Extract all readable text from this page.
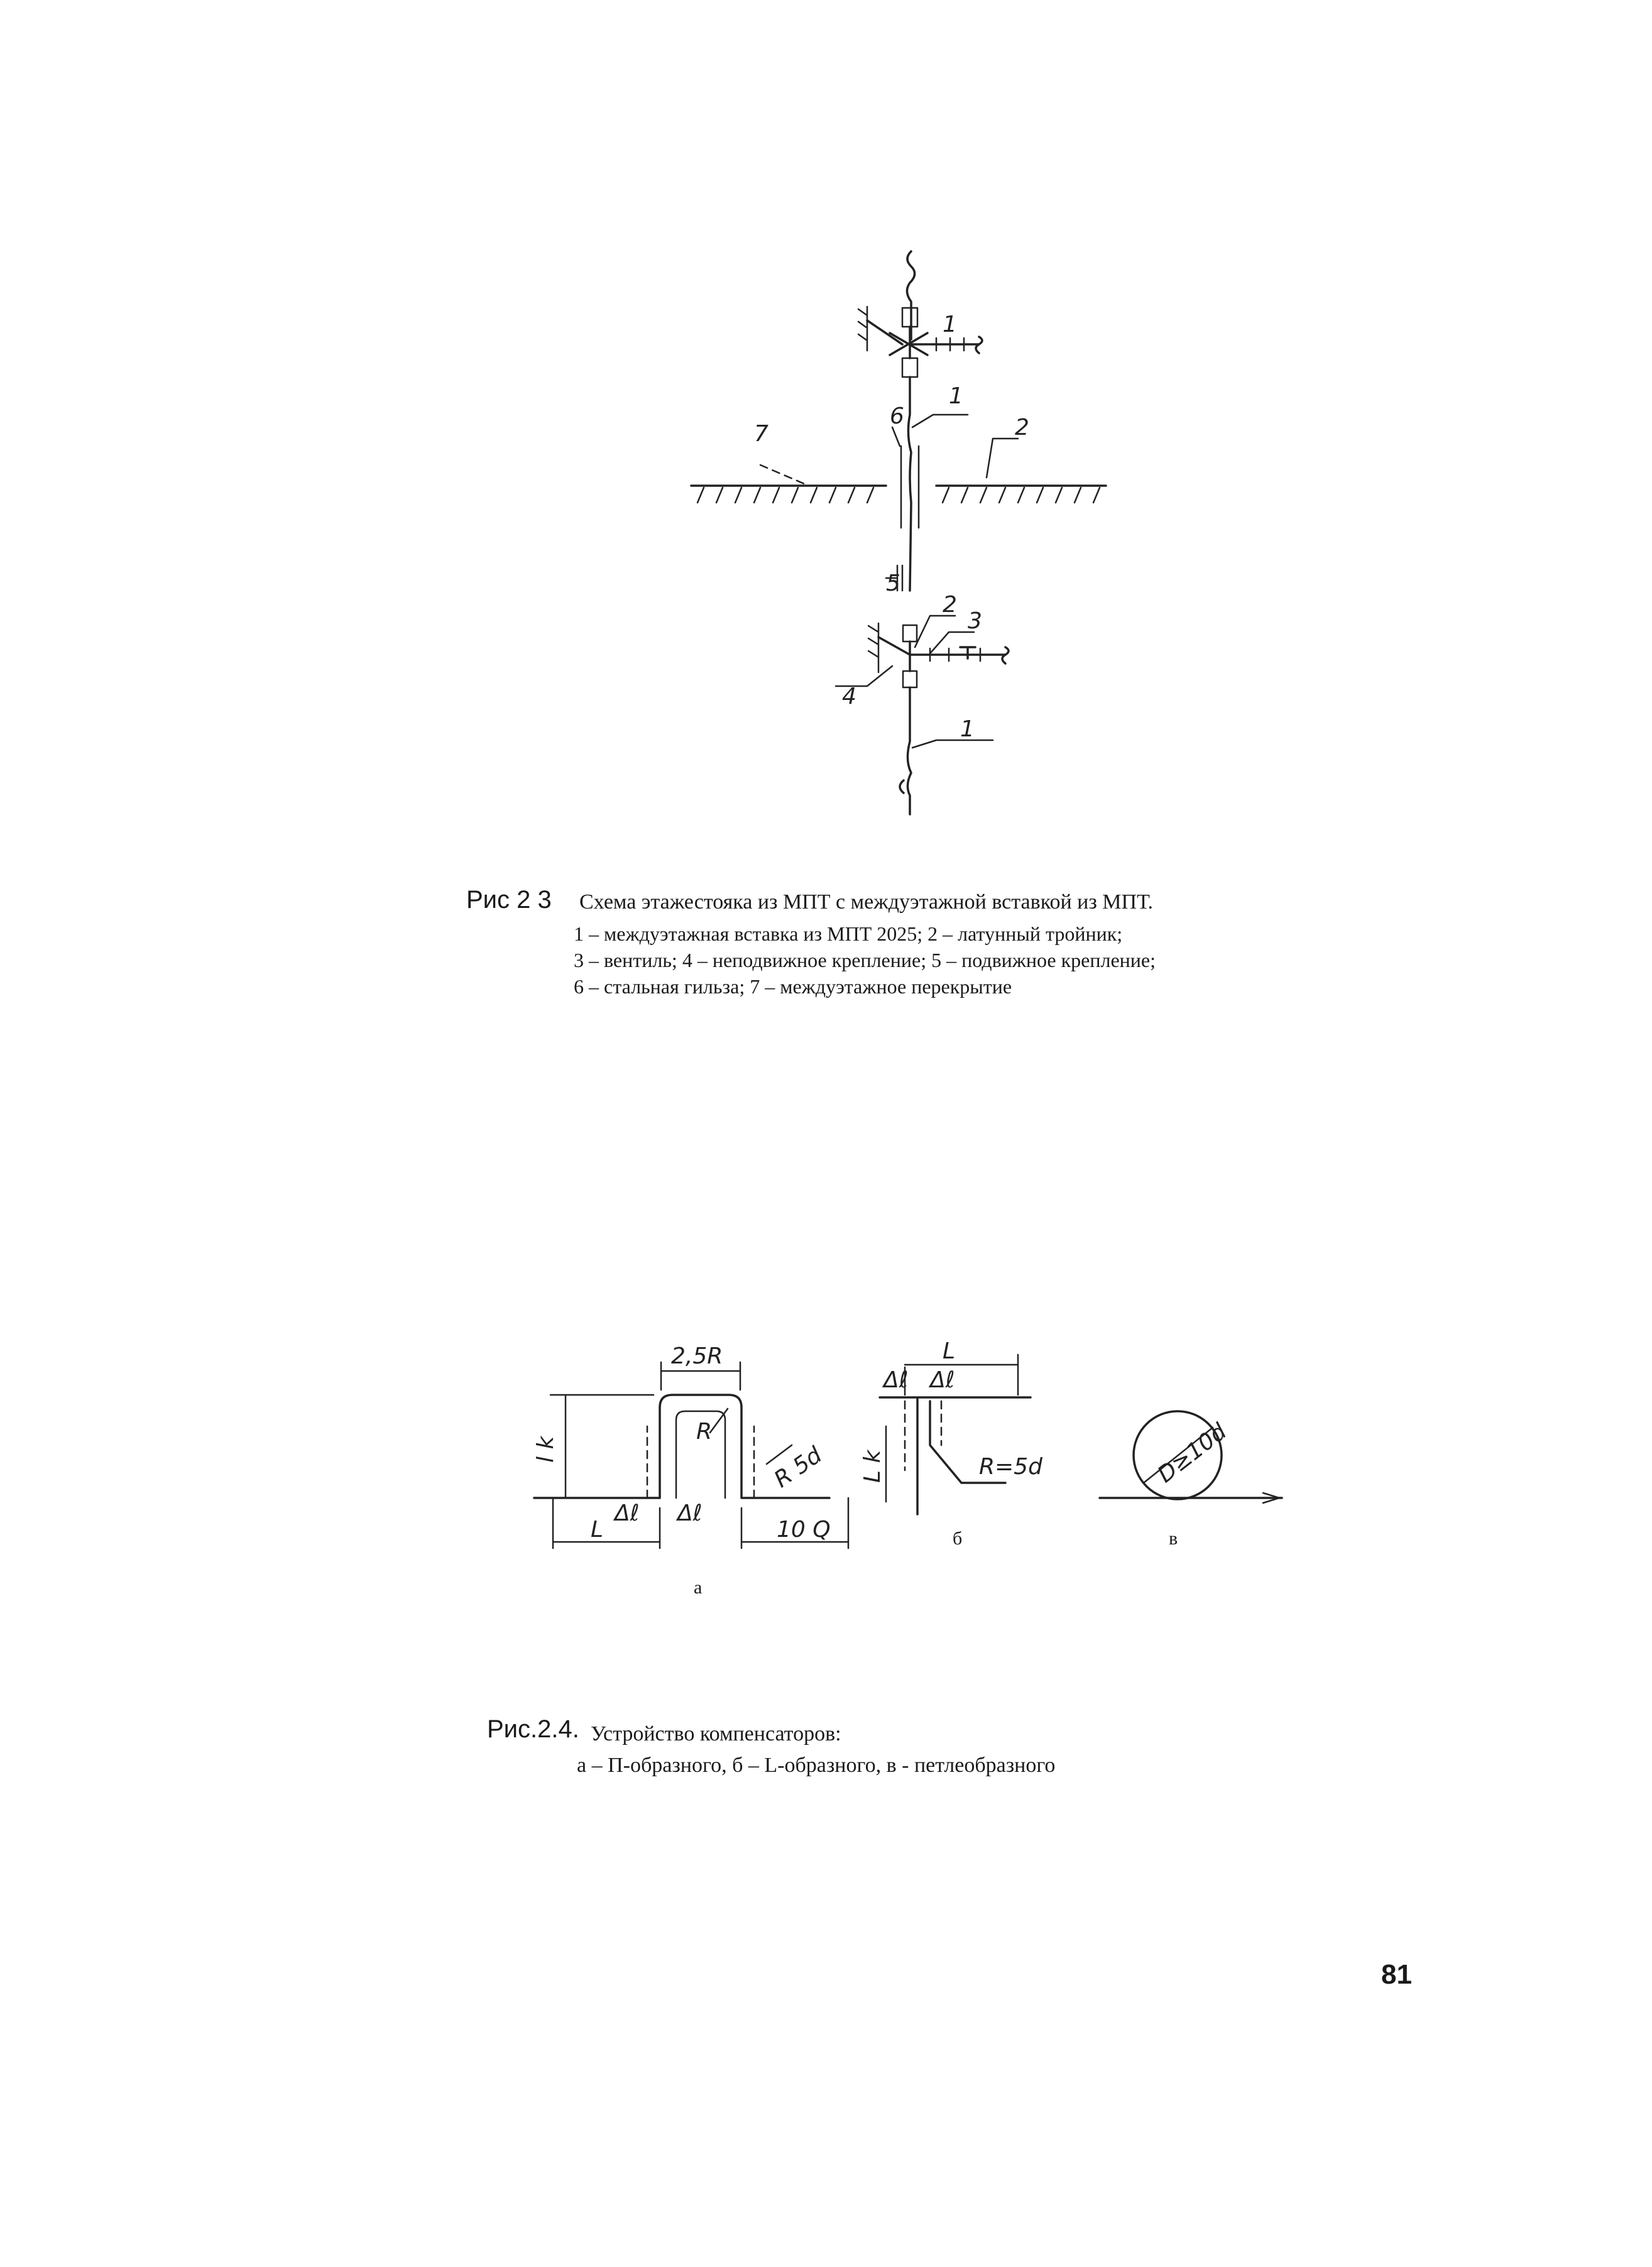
1
1
6
7	2
5
2
3
4
1
Рис 2 3 Схема этажестояка из МПТ с междуэтажной вставкой из МПТ.
1 – междуэтажная вставка из МПТ 2025; 2 – латунный тройник;
3 – вентиль; 4 – неподвижное крепление; 5 – подвижное крепление;
6 – стальная гильза; 7 – междуэтажное перекрытие
2,5R
l k
R
R 5d
Δℓ Δℓ
L	10 Q
L
Δℓ Δℓ
L k	R=5d	D≥10d
а
б	в
Рис.2.4. Устройство компенсаторов:
а – П-образного, б – L-образного, в - петлеобразного
81
